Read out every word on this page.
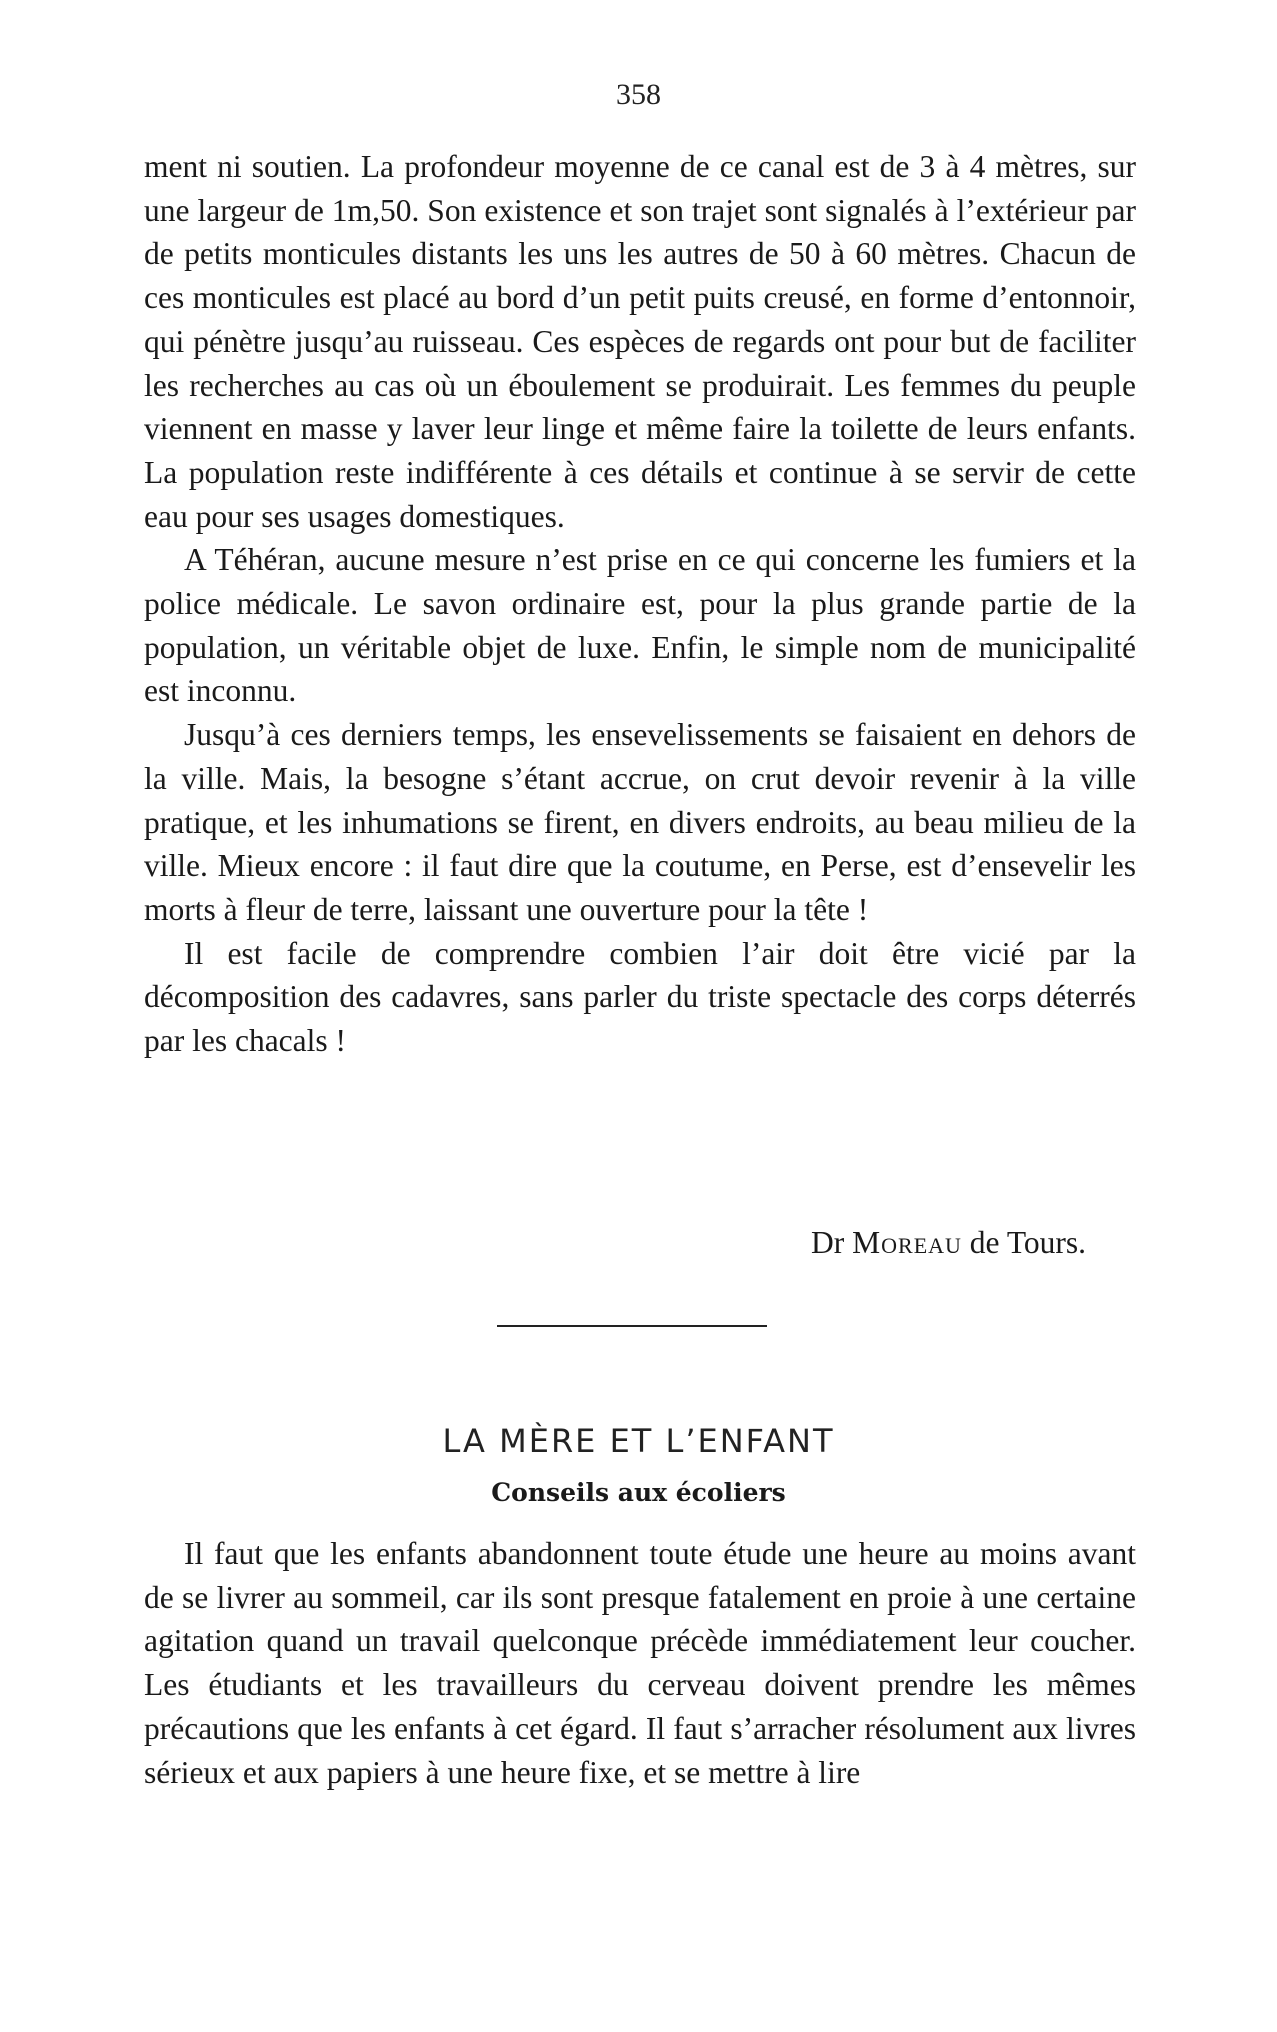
358

ment ni soutien. La profondeur moyenne de ce canal est de 3 à 4 mètres, sur une largeur de 1m,50. Son existence et son trajet sont signalés à l’extérieur par de petits monticules distants les uns les autres de 50 à 60 mètres. Chacun de ces monticules est placé au bord d’un petit puits creusé, en forme d’entonnoir, qui pénètre jusqu’au ruisseau. Ces espèces de regards ont pour but de faciliter les recherches au cas où un éboulement se produirait. Les femmes du peuple viennent en masse y laver leur linge et même faire la toilette de leurs enfants. La population reste indifférente à ces détails et continue à se servir de cette eau pour ses usages domestiques.

A Téhéran, aucune mesure n’est prise en ce qui concerne les fumiers et la police médicale. Le savon ordinaire est, pour la plus grande partie de la population, un véritable objet de luxe. Enfin, le simple nom de municipalité est inconnu.

Jusqu’à ces derniers temps, les ensevelissements se faisaient en dehors de la ville. Mais, la besogne s’étant accrue, on crut devoir revenir à la ville pratique, et les inhumations se firent, en divers endroits, au beau milieu de la ville. Mieux encore : il faut dire que la coutume, en Perse, est d’ensevelir les morts à fleur de terre, laissant une ouverture pour la tête !

Il est facile de comprendre combien l’air doit être vicié par la décomposition des cadavres, sans parler du triste spectacle des corps déterrés par les chacals !

Dr Moreau de Tours.
LA MÈRE ET L’ENFANT
Conseils aux écoliers

Il faut que les enfants abandonnent toute étude une heure au moins avant de se livrer au sommeil, car ils sont presque fatalement en proie à une certaine agitation quand un travail quelconque précède immédiatement leur coucher. Les étudiants et les travailleurs du cerveau doivent prendre les mêmes précautions que les enfants à cet égard. Il faut s’arracher résolument aux livres sérieux et aux papiers à une heure fixe, et se mettre à lire
